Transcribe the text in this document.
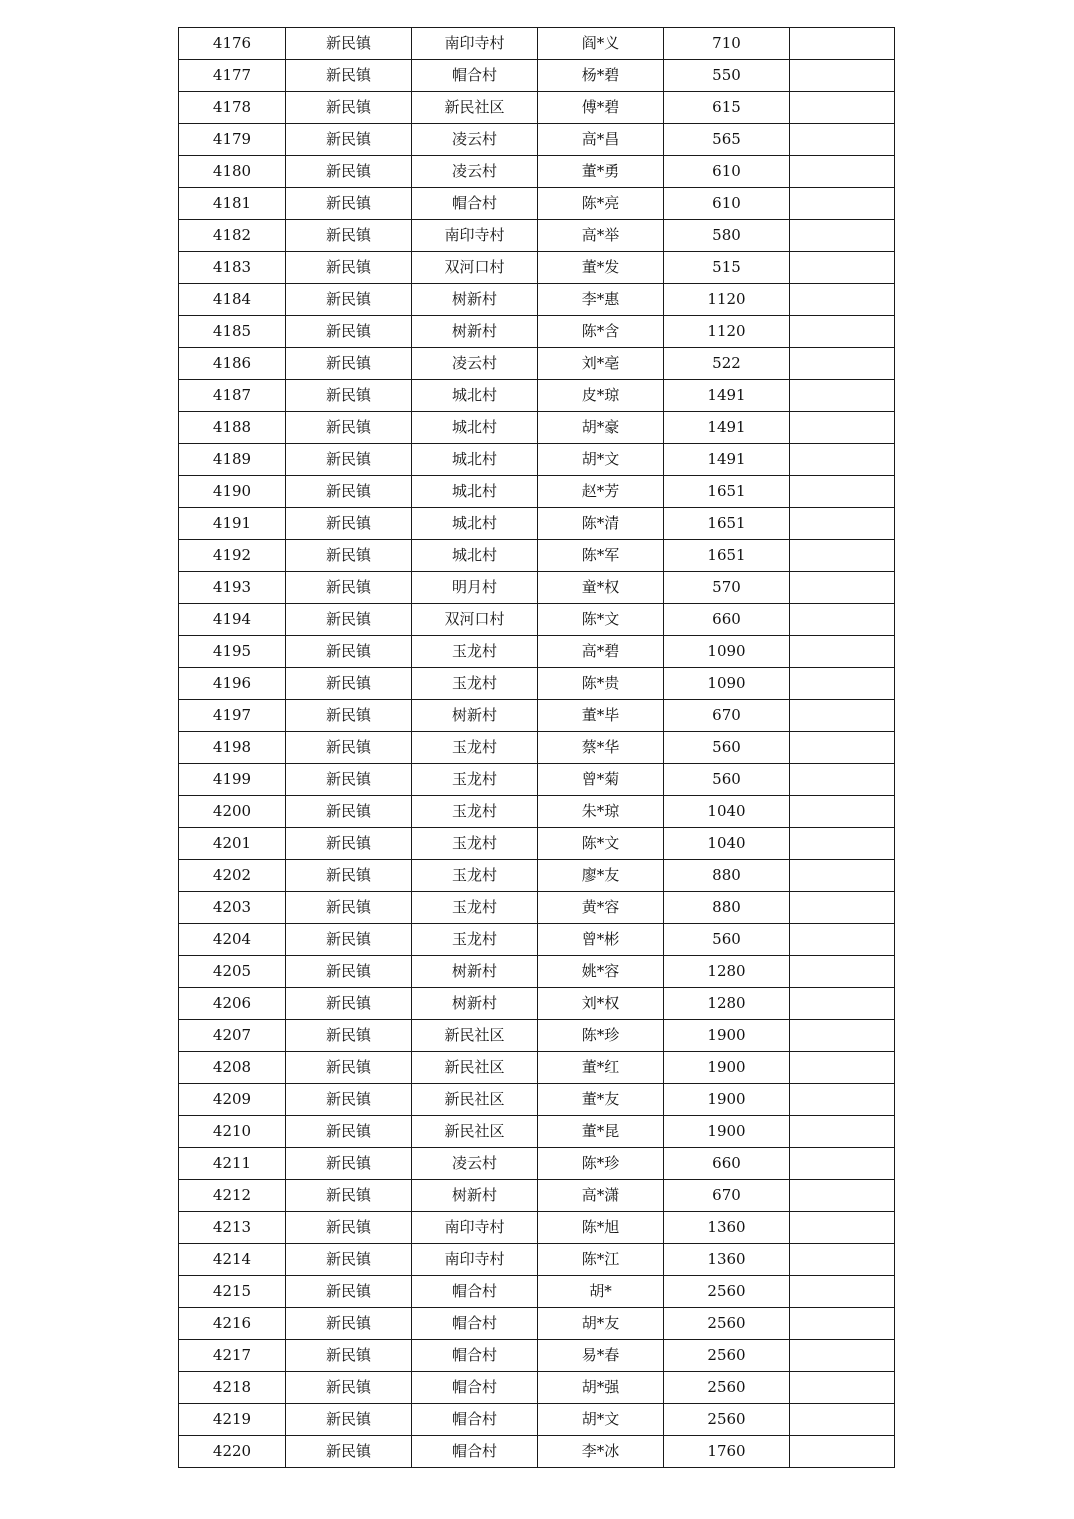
4176	新民镇	南印寺村	阎*义	710	
4177	新民镇	帽合村	杨*碧	550	
4178	新民镇	新民社区	傅*碧	615	
4179	新民镇	凌云村	高*昌	565	
4180	新民镇	凌云村	董*勇	610	
4181	新民镇	帽合村	陈*亮	610	
4182	新民镇	南印寺村	高*举	580	
4183	新民镇	双河口村	董*发	515	
4184	新民镇	树新村	李*惠	1120	
4185	新民镇	树新村	陈*含	1120	
4186	新民镇	凌云村	刘*亳	522	
4187	新民镇	城北村	皮*琼	1491	
4188	新民镇	城北村	胡*豪	1491	
4189	新民镇	城北村	胡*文	1491	
4190	新民镇	城北村	赵*芳	1651	
4191	新民镇	城北村	陈*清	1651	
4192	新民镇	城北村	陈*军	1651	
4193	新民镇	明月村	童*权	570	
4194	新民镇	双河口村	陈*文	660	
4195	新民镇	玉龙村	高*碧	1090	
4196	新民镇	玉龙村	陈*贵	1090	
4197	新民镇	树新村	董*毕	670	
4198	新民镇	玉龙村	蔡*华	560	
4199	新民镇	玉龙村	曾*菊	560	
4200	新民镇	玉龙村	朱*琼	1040	
4201	新民镇	玉龙村	陈*文	1040	
4202	新民镇	玉龙村	廖*友	880	
4203	新民镇	玉龙村	黄*容	880	
4204	新民镇	玉龙村	曾*彬	560	
4205	新民镇	树新村	姚*容	1280	
4206	新民镇	树新村	刘*权	1280	
4207	新民镇	新民社区	陈*珍	1900	
4208	新民镇	新民社区	董*红	1900	
4209	新民镇	新民社区	董*友	1900	
4210	新民镇	新民社区	董*昆	1900	
4211	新民镇	凌云村	陈*珍	660	
4212	新民镇	树新村	高*潇	670	
4213	新民镇	南印寺村	陈*旭	1360	
4214	新民镇	南印寺村	陈*江	1360	
4215	新民镇	帽合村	胡*	2560	
4216	新民镇	帽合村	胡*友	2560	
4217	新民镇	帽合村	易*春	2560	
4218	新民镇	帽合村	胡*强	2560	
4219	新民镇	帽合村	胡*文	2560	
4220	新民镇	帽合村	李*冰	1760	
